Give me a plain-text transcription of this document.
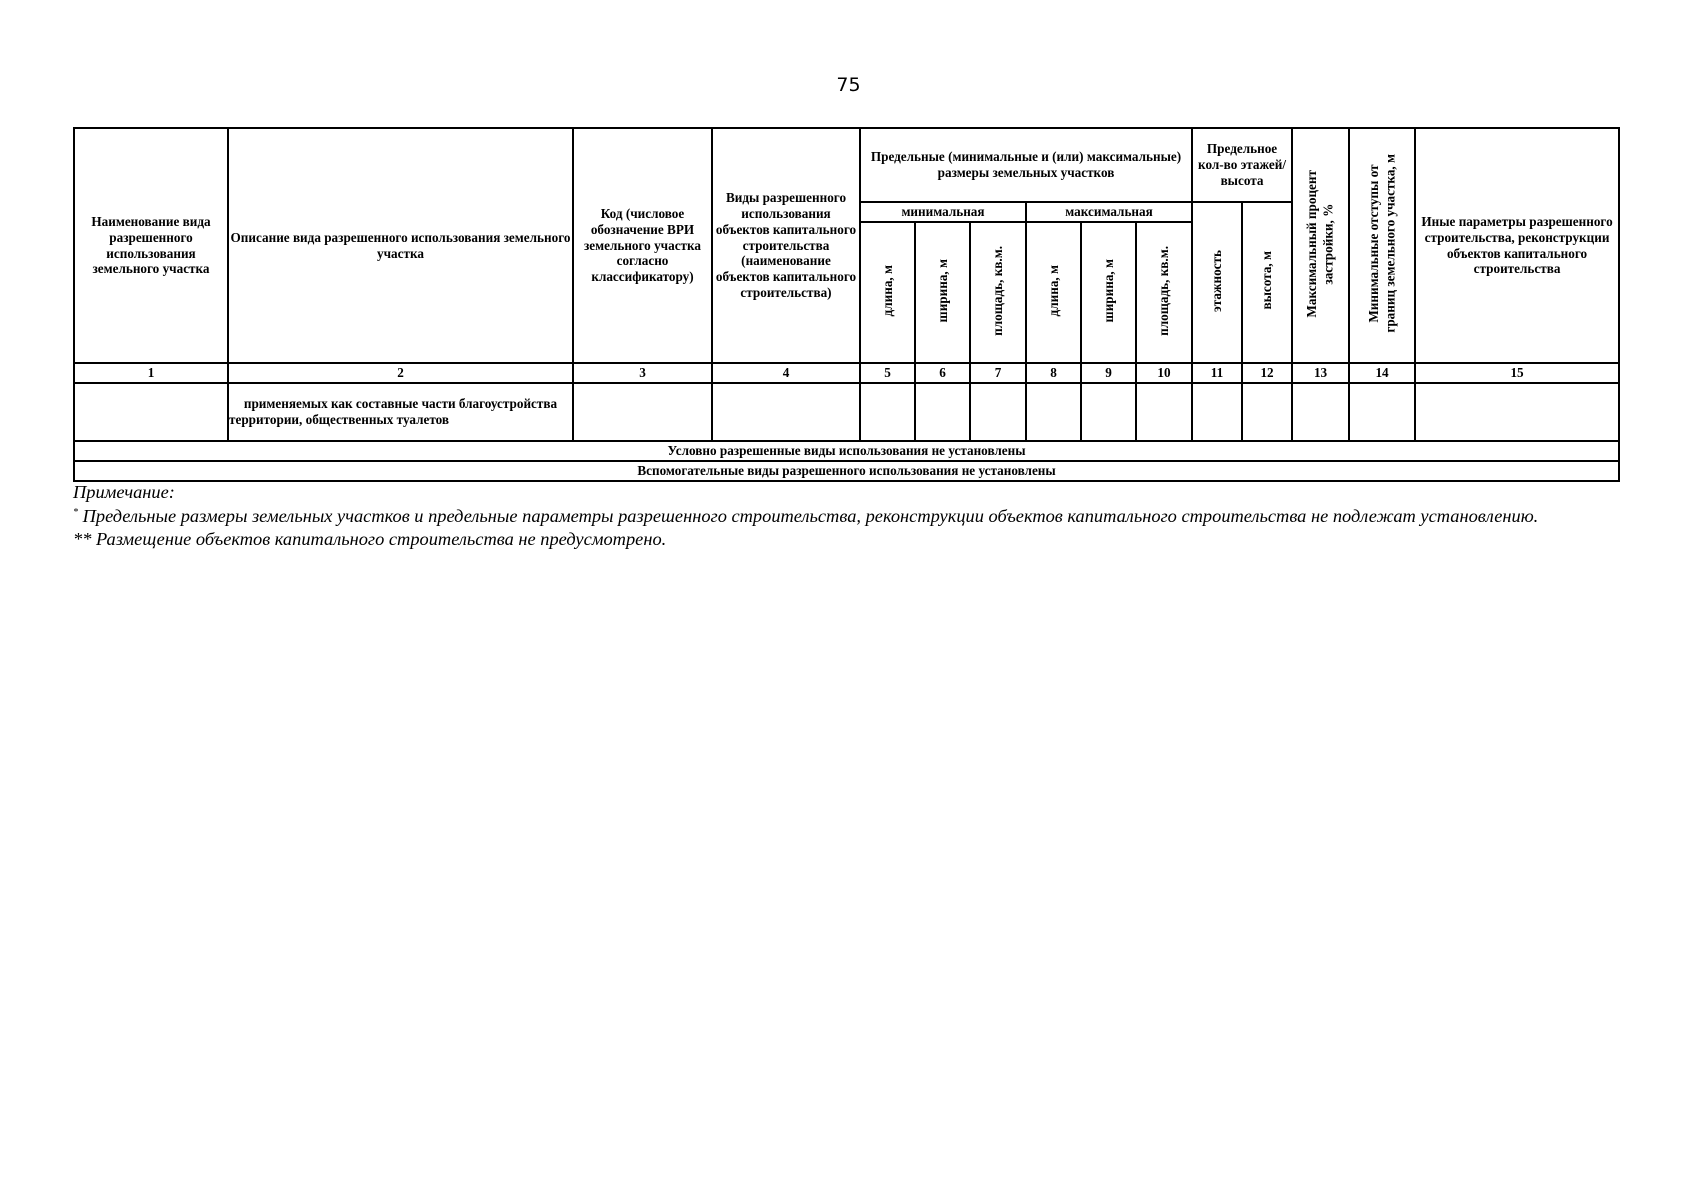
75
Наименование вида разрешенного использования земельного участка	Описание вида разрешенного использования земельного участка	Код (числовое обозначение ВРИ земельного участка согласно классификатору)	Виды разрешенного использования объектов капитального строительства (наименование объектов капитального строительства)	Предельные (минимальные и (или) максимальные) размеры земельных участков						Предельное кол-во этажей/ высота		Максимальный процент застройки, %	Минимальные отступы от границ земельного участка, м	Иные параметры разрешенного строительства, реконструкции объектов капитального строительства
				минимальная			максимальная			этажность	высота, м			
				длина, м	ширина, м	площадь, кв.м.	длина, м	ширина, м	площадь, кв.м.					
1	2	3	4	5	6	7	8	9	10	11	12	13	14	15
	применяемых как составные части благоустройства территории, общественных туалетов													
Условно разрешенные виды использования не установлены														
Вспомогательные виды разрешенного использования не установлены														

Примечание:

* Предельные размеры земельных участков и предельные параметры разрешенного строительства, реконструкции объектов капитального строительства не подлежат установлению.

** Размещение объектов капитального строительства не предусмотрено.
